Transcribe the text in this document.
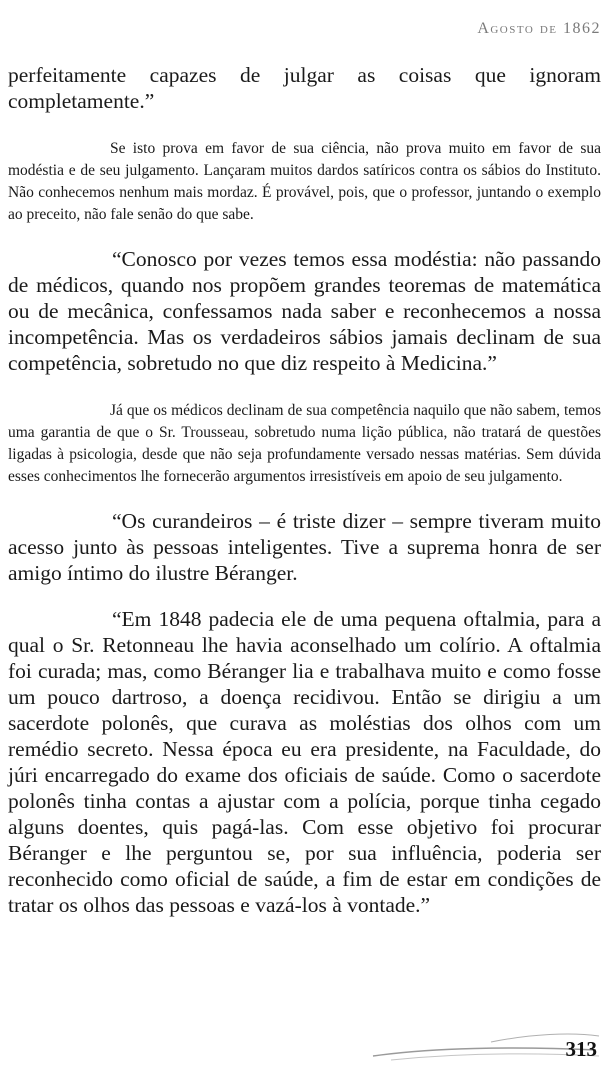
Agosto de 1862

perfeitamente capazes de julgar as coisas que ignoram completamente.”

Se isto prova em favor de sua ciência, não prova muito em favor de sua modéstia e de seu julgamento. Lançaram muitos dardos satíricos contra os sábios do Instituto. Não conhecemos nenhum mais mordaz. É provável, pois, que o professor, juntando o exemplo ao preceito, não fale senão do que sabe.

“Conosco por vezes temos essa modéstia: não passando de médicos, quando nos propõem grandes teoremas de matemática ou de mecânica, confessamos nada saber e reconhecemos a nossa incompetência. Mas os verdadeiros sábios jamais declinam de sua competência, sobretudo no que diz respeito à Medicina.”

Já que os médicos declinam de sua competência naquilo que não sabem, temos uma garantia de que o Sr. Trousseau, sobretudo numa lição pública, não tratará de questões ligadas à psicologia, desde que não seja profundamente versado nessas matérias. Sem dúvida esses conhecimentos lhe fornecerão argumentos irresistíveis em apoio de seu julgamento.

“Os curandeiros – é triste dizer – sempre tiveram muito acesso junto às pessoas inteligentes. Tive a suprema honra de ser amigo íntimo do ilustre Béranger.

“Em 1848 padecia ele de uma pequena oftalmia, para a qual o Sr. Retonneau lhe havia aconselhado um colírio. A oftalmia foi curada; mas, como Béranger lia e trabalhava muito e como fosse um pouco dartroso, a doença recidivou. Então se dirigiu a um sacerdote polonês, que curava as moléstias dos olhos com um remédio secreto. Nessa época eu era presidente, na Faculdade, do júri encarregado do exame dos oficiais de saúde. Como o sacerdote polonês tinha contas a ajustar com a polícia, porque tinha cegado alguns doentes, quis pagá-las. Com esse objetivo foi procurar Béranger e lhe perguntou se, por sua influência, poderia ser reconhecido como oficial de saúde, a fim de estar em condições de tratar os olhos das pessoas e vazá-los à vontade.”

313
